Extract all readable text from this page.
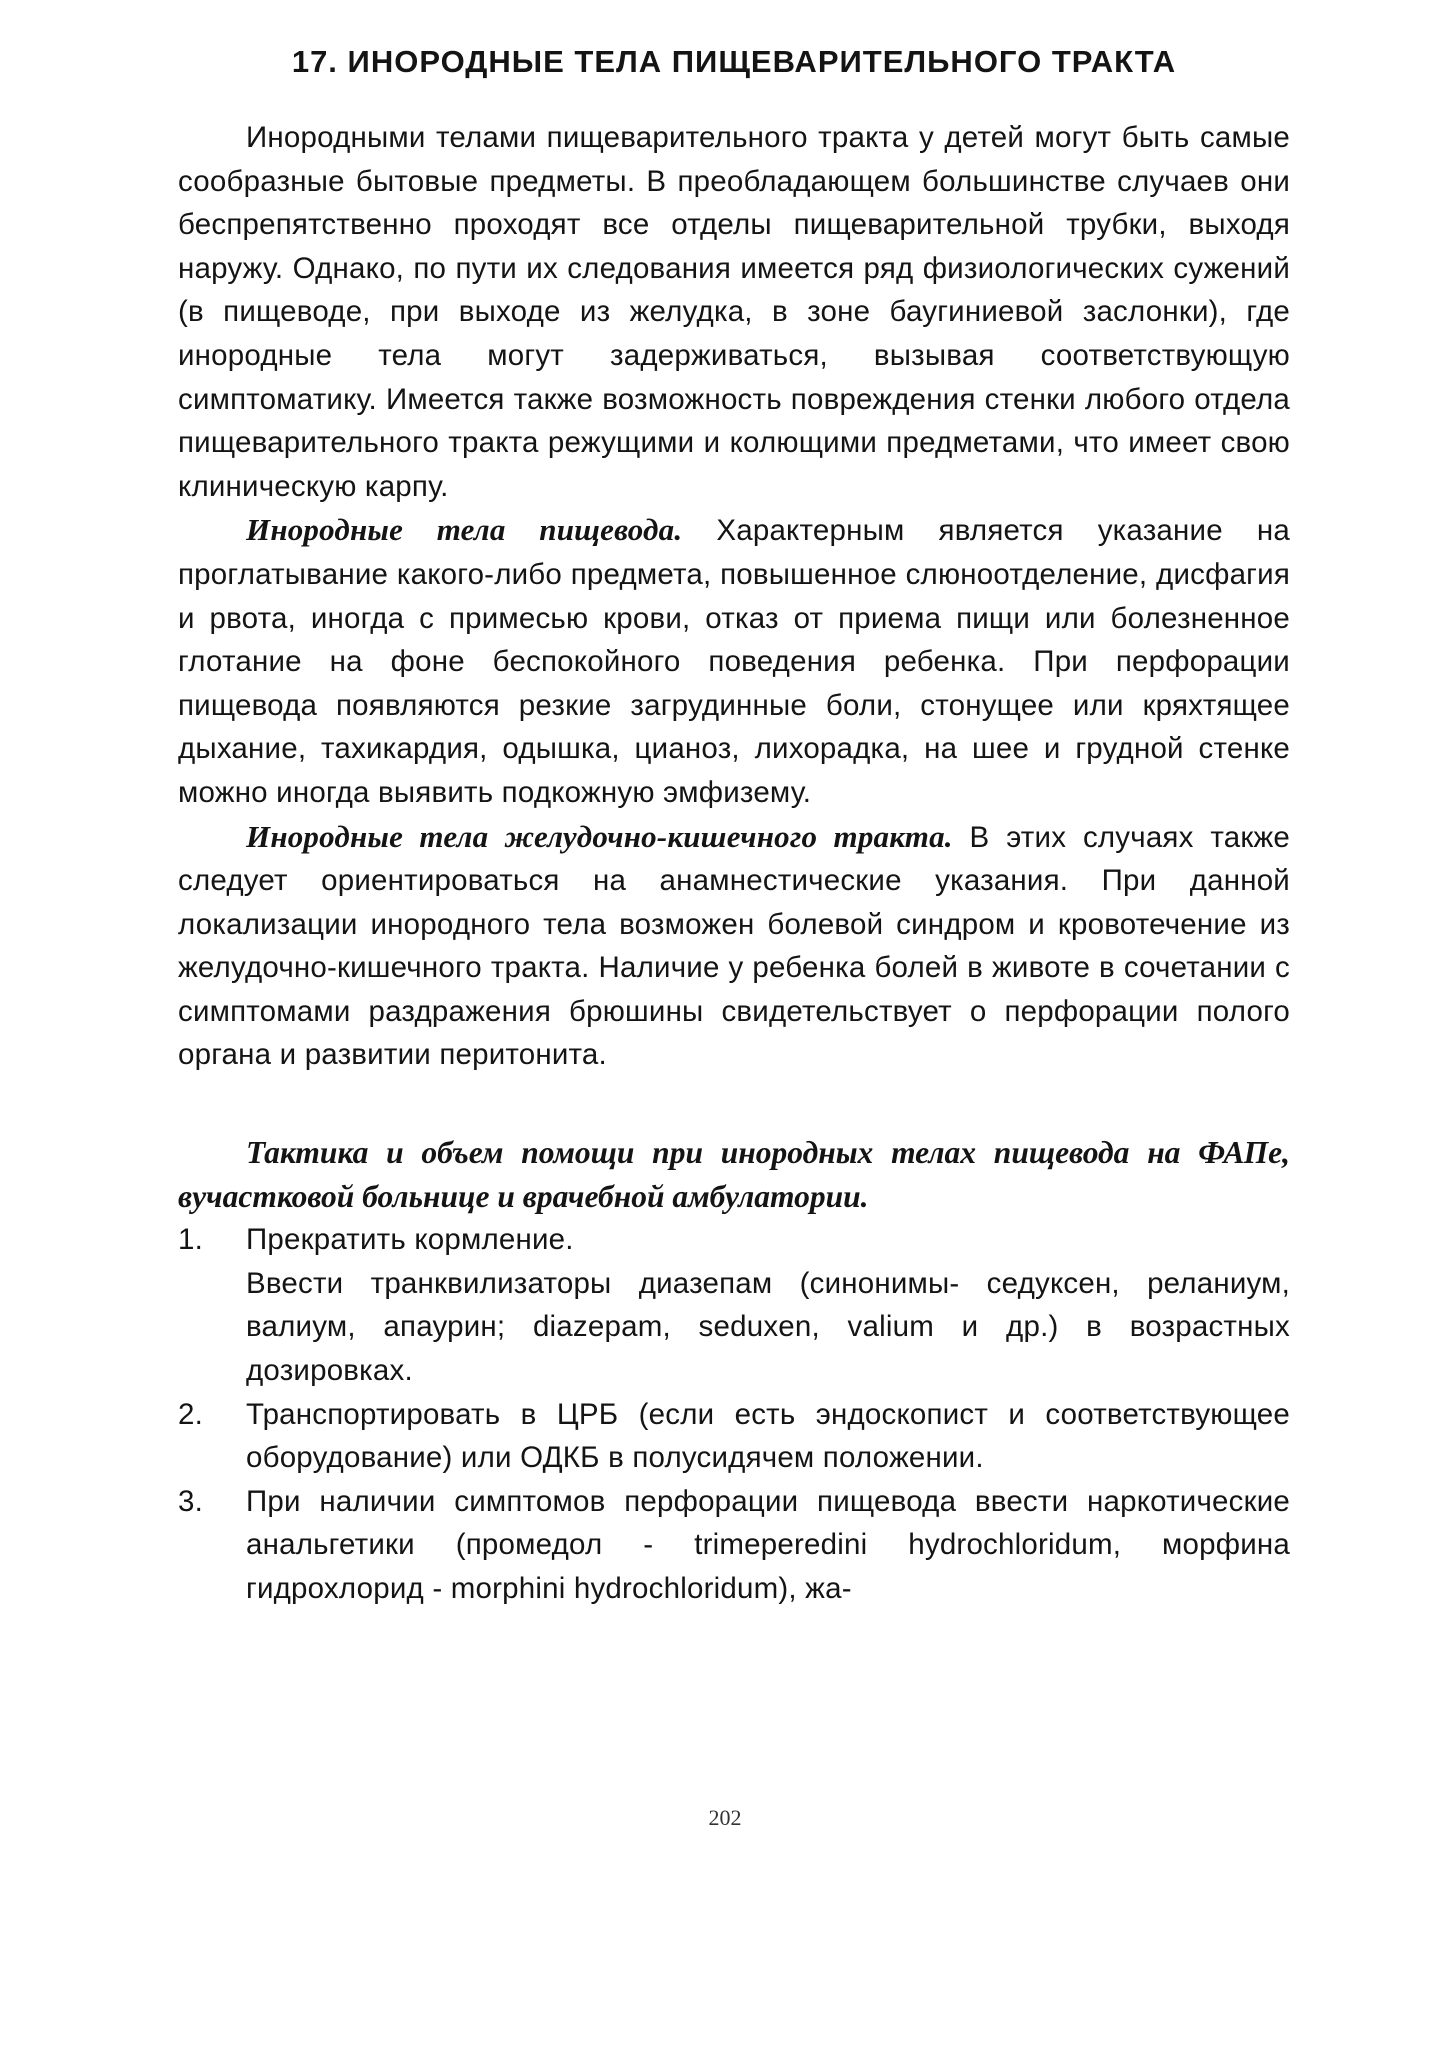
17. ИНОРОДНЫЕ ТЕЛА ПИЩЕВАРИТЕЛЬНОГО ТРАКТА

Инородными телами пищеварительного тракта у детей могут быть самые сообразные бытовые предметы. В преобладающем большинстве случаев они беспрепятственно проходят все отделы пищеварительной трубки, выходя наружу. Однако, по пути их следования имеется ряд физиологических сужений (в пищеводе, при выходе из желудка, в зоне баугиниевой заслонки), где инородные тела могут задерживаться, вызывая соответствующую симптоматику. Имеется также возможность повреждения стенки любого отдела пищеварительного тракта режущими и колющими предметами, что имеет свою клиническую карпу.

Инородные тела пищевода. Характерным является указание на проглатывание какого-либо предмета, повышенное слюноотделение, дисфагия и рвота, иногда с примесью крови, отказ от приема пищи или болезненное глотание на фоне беспокойного поведения ребенка. При перфорации пищевода появляются резкие загрудинные боли, стонущее или кряхтящее дыхание, тахикардия, одышка, цианоз, лихорадка, на шее и грудной стенке можно иногда выявить подкожную эмфизему.

Инородные тела желудочно-кишечного тракта. В этих случаях также следует ориентироваться на анамнестические указания. При данной локализации инородного тела возможен болевой синдром и кровотечение из желудочно-кишечного тракта. Наличие у ребенка болей в животе в сочетании с симптомами раздражения брюшины свидетельствует о перфорации полого органа и развитии перитонита.

Тактика и объем помощи при инородных телах пищевода на ФАПе, вучастковой больнице и врачебной амбулатории.

1. Прекратить кормление.
Ввести транквилизаторы диазепам (синонимы- седуксен, реланиум, валиум, апаурин; diazepam, seduxen, valium и др.) в возрастных дозировках.
2. Транспортировать в ЦРБ (если есть эндоскопист и соответствующее оборудование) или ОДКБ в полусидячем положении.
3. При наличии симптомов перфорации пищевода ввести наркотические анальгетики (промедол - trimeperedini hydrochloridum, морфина гидрохлорид - morphini hydrochloridum), жа-
202
